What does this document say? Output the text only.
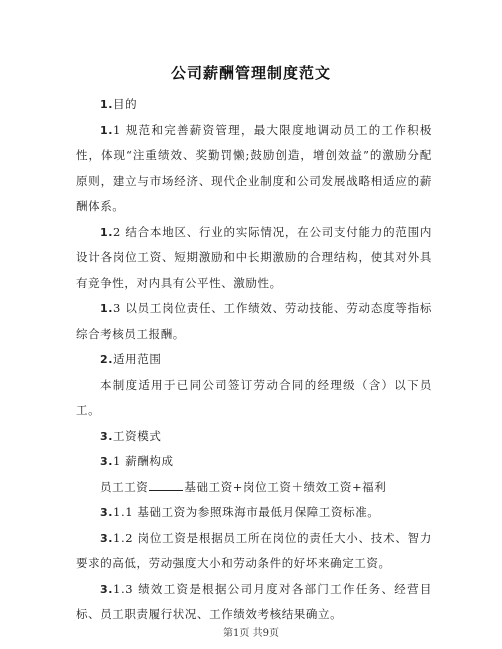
公司薪酬管理制度范文

1.目的

1.1 规范和完善薪资管理，最大限度地调动员工的工作积极性，体现“注重绩效、奖勤罚懒;鼓励创造，增创效益”的激励分配原则，建立与市场经济、现代企业制度和公司发展战略相适应的薪酬体系。

1.2 结合本地区、行业的实际情况，在公司支付能力的范围内设计各岗位工资、短期激励和中长期激励的合理结构，使其对外具有竞争性，对内具有公平性、激励性。

1.3 以员工岗位责任、工作绩效、劳动技能、劳动态度等指标综合考核员工报酬。

2.适用范围

本制度适用于已同公司签订劳动合同的经理级（含）以下员工。

3.工资模式

3.1 薪酬构成

员工工资	基础工资+岗位工资＋绩效工资+福利

3.1.1 基础工资为参照珠海市最低月保障工资标准。

3.1.2 岗位工资是根据员工所在岗位的责任大小、技术、智力要求的高低，劳动强度大小和劳动条件的好坏来确定工资。

3.1.3 绩效工资是根据公司月度对各部门工作任务、经营目标、员工职责履行状况、工作绩效考核结果确立。

第1页 共9页
